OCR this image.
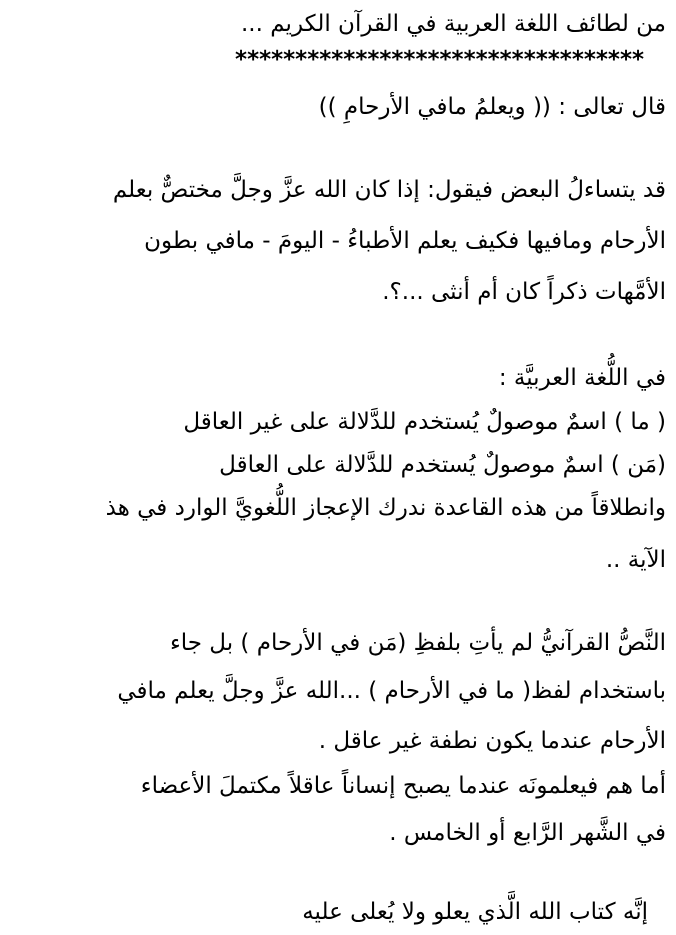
من لطائف اللغة العربية في القرآن الكريم ...
**********************************
قال تعالى : (( ويعلمُ مافي الأرحامِ ))
قد يتساءلُ البعض فيقول: إذا كان الله عزَّ وجلَّ مختصٌّ بعلم
الأرحام ومافيها فكيف يعلم الأطباءُ - اليومَ - مافي بطون
الأمَّهات ذكراً كان أم أنثى ...؟.
في اللُّغة العربيَّة :
( ما ) اسمٌ موصولٌ يُستخدم للدَّلالة على غير العاقل
(مَن ) اسمٌ موصولٌ يُستخدم للدَّلالة على العاقل
وانطلاقاً من هذه القاعدة ندرك الإعجاز اللُّغويَّ الوارد في هذ
الآية ..
النَّصُّ القرآنيُّ لم يأتِ بلفظِ (مَن في الأرحام ) بل جاء
باستخدام لفظ( ما في الأرحام ) ...الله عزَّ وجلَّ يعلم مافي
الأرحام عندما يكون نطفة غير عاقل .
أما هم فيعلمونَه عندما يصبح إنساناً عاقلاً مكتملَ الأعضاء
في الشَّهر الرَّابع أو الخامس .
إنَّه كتاب الله الَّذي يعلو ولا يُعلى عليه
